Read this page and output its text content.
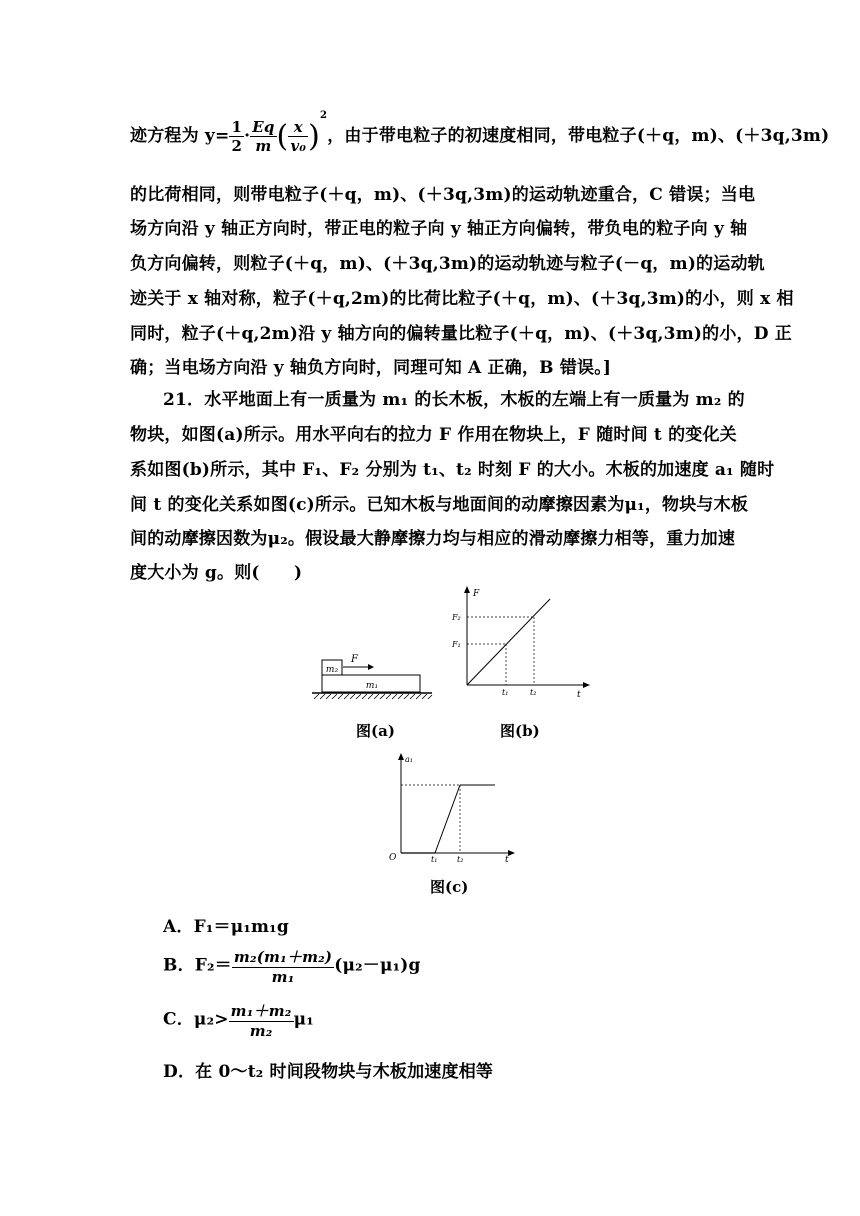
迹方程为 $y= \frac{1}{2} \cdot \frac{Eq}{m}$ ( $\frac{x}{\text{v₀}} )^2$，由于带电粒子的初速度相同，带电粒子(＋q，m)、(＋3q,3m)
的比荷相同，则带电粒子(＋q，m)、(＋3q,3m)的运动轨迹重合，C 错误；当电
场方向沿 y 轴正方向时，带正电的粒子向 y 轴正方向偏转，带负电的粒子向 y 轴
负方向偏转，则粒子(＋q，m)、(＋3q,3m)的运动轨迹与粒子(－q，m)的运动轨
迹关于 x 轴对称，粒子(＋q,2m)的比荷比粒子(＋q，m)、(＋3q,3m)的小，则 x 相
同时，粒子(＋q,2m)沿 y 轴方向的偏转量比粒子(＋q，m)、(＋3q,3m)的小，D 正
确；当电场方向沿 y 轴负方向时，同理可知 A 正确，B 错误。]
21．水平地面上有一质量为 m₁ 的长木板，木板的左端上有一质量为 m₂ 的
物块，如图(a)所示。用水平向右的拉力 F 作用在物块上，F 随时间 t 的变化关
系如图(b)所示，其中 F₁、F₂ 分别为 t₁、t₂ 时刻 F 的大小。木板的加速度 a₁ 随时
间 t 的变化关系如图(c)所示。已知木板与地面间的动摩擦因素为μ₁，物块与木板
间的动摩擦因数为μ₂。假设最大静摩擦力均与相应的滑动摩擦力相等，重力加速
度大小为 g。则(　　)
m₂
F
m₁
图(a)
F
t
F₁
F₂
t₁	t₂
图(b)
a₁
t
O	t₁ t₂
图(c)
A．F₁＝μ₁m₁g
B．$F_2= \frac{\text{m₂(m₁＋m₂)}}{\text{m₁}} (\mu_2-\mu_1)g$
C．$\mu_2> \frac{\text{m₁＋m₂}}{\text{m₂}} \mu_1$
D．在 0～t₂ 时间段物块与木板加速度相等
